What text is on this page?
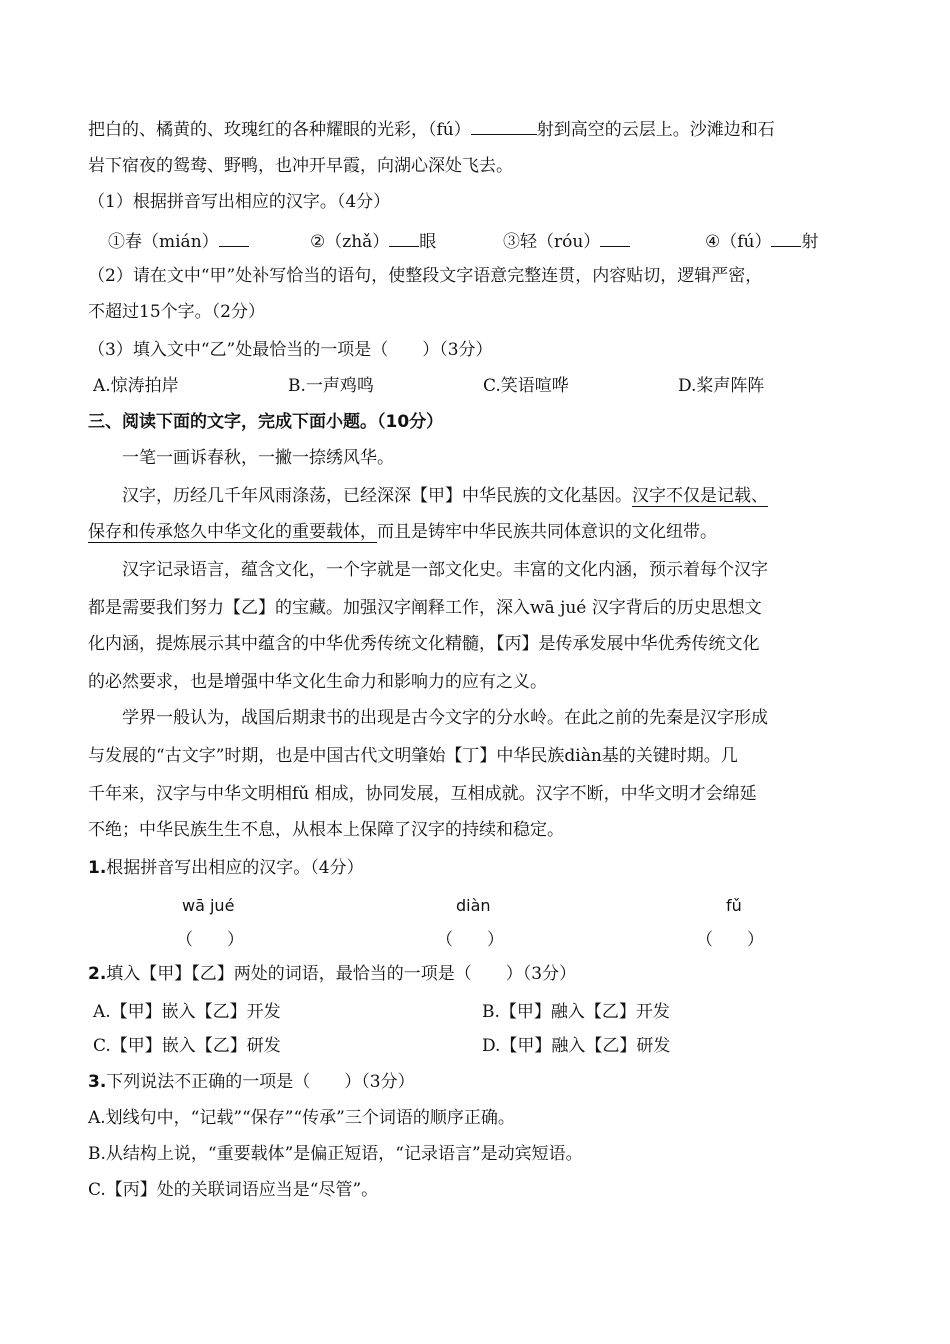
把白的、橘黄的、玫瑰红的各种耀眼的光彩，（fú）	射到高空的云层上。沙滩边和石
岩下宿夜的鸳鸯、野鸭，也冲开早霞，向湖心深处飞去。
（1）根据拼音写出相应的汉字。（4分）
①春（mián）	②（zhǎ） 眼	③轻（róu）	④（fú） 射
（2）请在文中“甲”处补写恰当的语句，使整段文字语意完整连贯，内容贴切，逻辑严密，
不超过15个字。（2分）
（3）填入文中“乙”处最恰当的一项是（　　）（3分）
A.惊涛拍岸	B.一声鸡鸣	C.笑语喧哗	D.桨声阵阵
三、阅读下面的文字，完成下面小题。（10分）
一笔一画诉春秋，一撇一捺绣风华。
汉字，历经几千年风雨涤荡，已经深深【甲】中华民族的文化基因。汉字不仅是记载、
保存和传承悠久中华文化的重要载体，而且是铸牢中华民族共同体意识的文化纽带。
汉字记录语言，蕴含文化，一个字就是一部文化史。丰富的文化内涵，预示着每个汉字
都是需要我们努力【乙】的宝藏。加强汉字阐释工作，深入wā jué 汉字背后的历史思想文
化内涵，提炼展示其中蕴含的中华优秀传统文化精髓，【丙】是传承发展中华优秀传统文化
的必然要求，也是增强中华文化生命力和影响力的应有之义。
学界一般认为，战国后期隶书的出现是古今文字的分水岭。在此之前的先秦是汉字形成
与发展的“古文字”时期，也是中国古代文明肇始【丁】中华民族diàn基的关键时期。几
千年来，汉字与中华文明相fǔ 相成，协同发展，互相成就。汉字不断，中华文明才会绵延
不绝；中华民族生生不息，从根本上保障了汉字的持续和稳定。
1.根据拼音写出相应的汉字。（4分）
wā jué	diàn	fǔ
（　　）	（　　）	（　　）
2.填入【甲】【乙】两处的词语，最恰当的一项是（　　）（3分）
A.【甲】嵌入【乙】开发	B.【甲】融入【乙】开发
C.【甲】嵌入【乙】研发	D.【甲】融入【乙】研发
3.下列说法不正确的一项是（　　）（3分）
A.划线句中，“记载”“保存”“传承”三个词语的顺序正确。
B.从结构上说，“重要载体”是偏正短语，“记录语言”是动宾短语。
C.【丙】处的关联词语应当是“尽管”。
